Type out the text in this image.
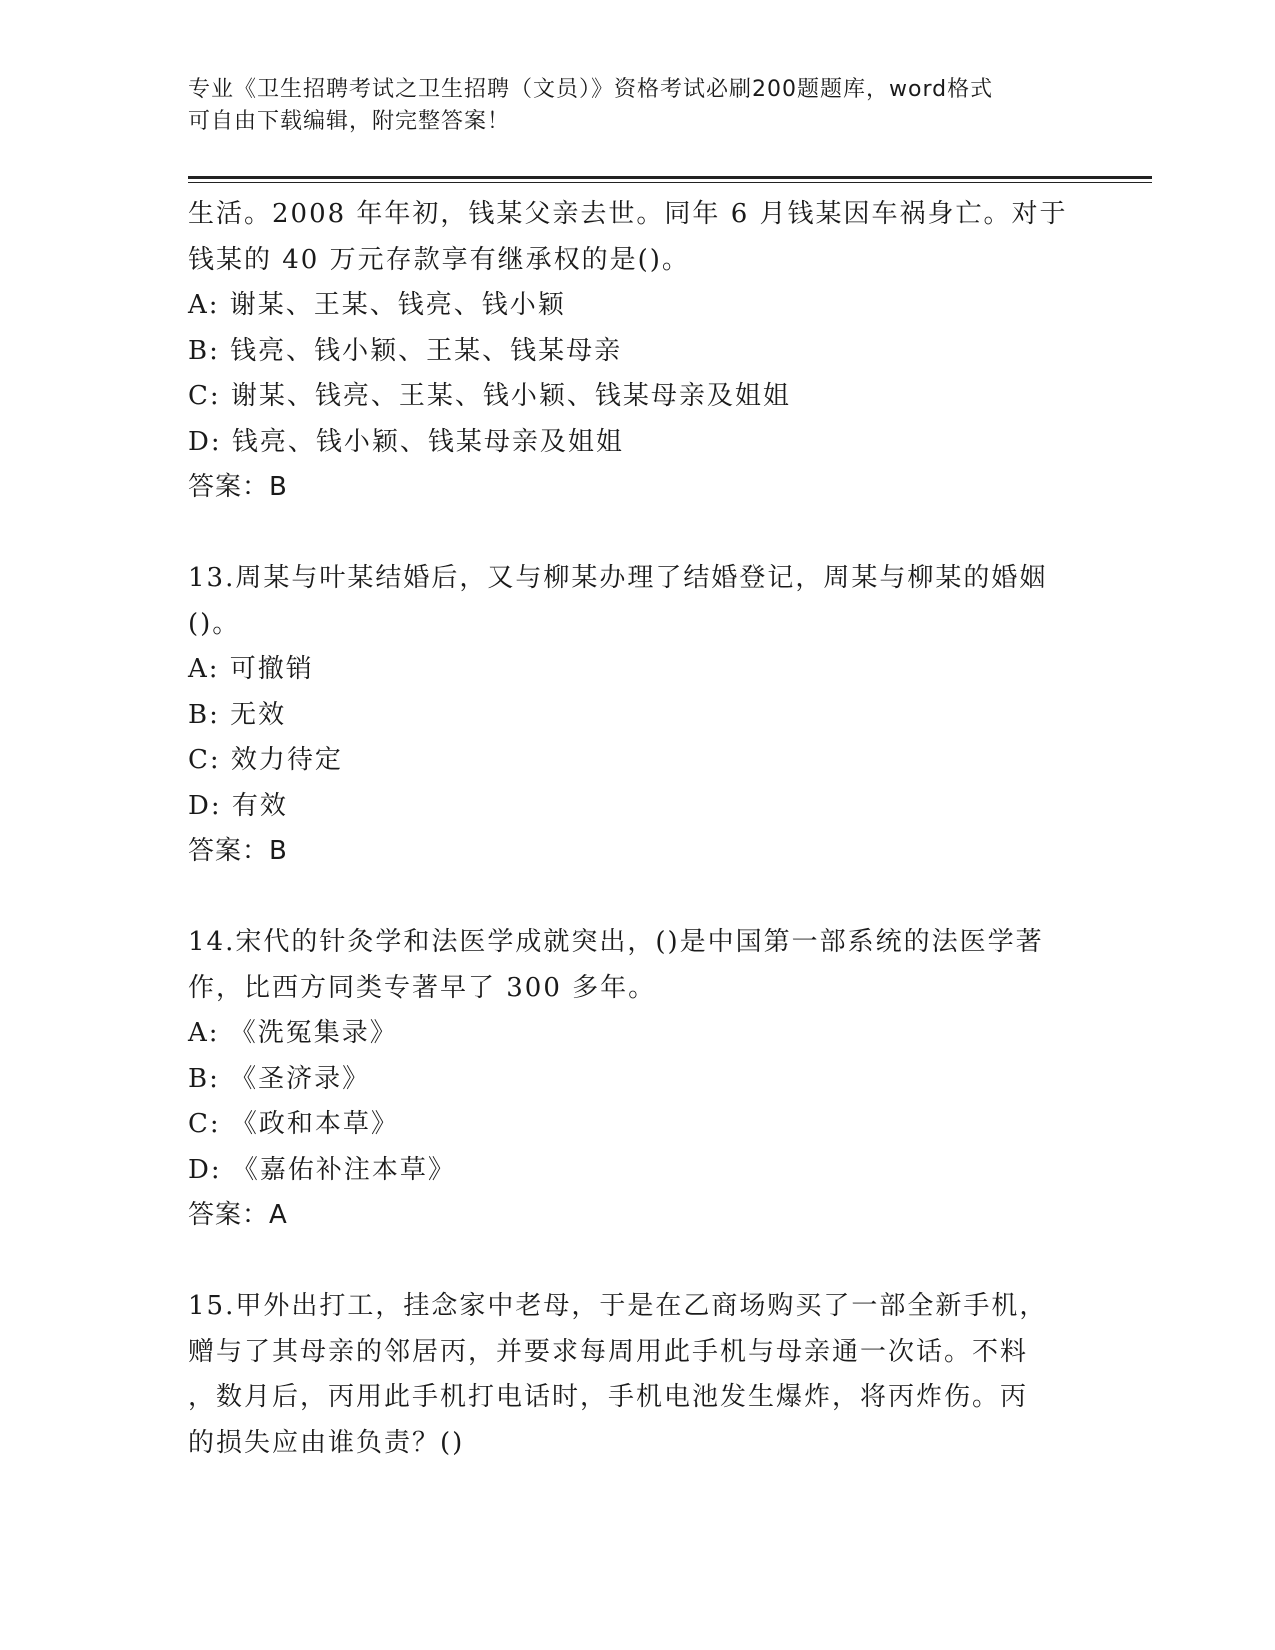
专业《卫生招聘考试之卫生招聘（文员）》资格考试必刷200题题库，word格式
可自由下载编辑，附完整答案！
生活。2008 年年初，钱某父亲去世。同年 6 月钱某因车祸身亡。对于
钱某的 40 万元存款享有继承权的是()。
A: 谢某、王某、钱亮、钱小颖
B: 钱亮、钱小颖、王某、钱某母亲
C: 谢某、钱亮、王某、钱小颖、钱某母亲及姐姐
D: 钱亮、钱小颖、钱某母亲及姐姐
答案：B
13.周某与叶某结婚后，又与柳某办理了结婚登记，周某与柳某的婚姻
()。
A: 可撤销
B: 无效
C: 效力待定
D: 有效
答案：B
14.宋代的针灸学和法医学成就突出，()是中国第一部系统的法医学著
作，比西方同类专著早了 300 多年。
A: 《洗冤集录》
B: 《圣济录》
C: 《政和本草》
D: 《嘉佑补注本草》
答案：A
15.甲外出打工，挂念家中老母，于是在乙商场购买了一部全新手机，
赠与了其母亲的邻居丙，并要求每周用此手机与母亲通一次话。不料
，数月后，丙用此手机打电话时，手机电池发生爆炸，将丙炸伤。丙
的损失应由谁负责？()
